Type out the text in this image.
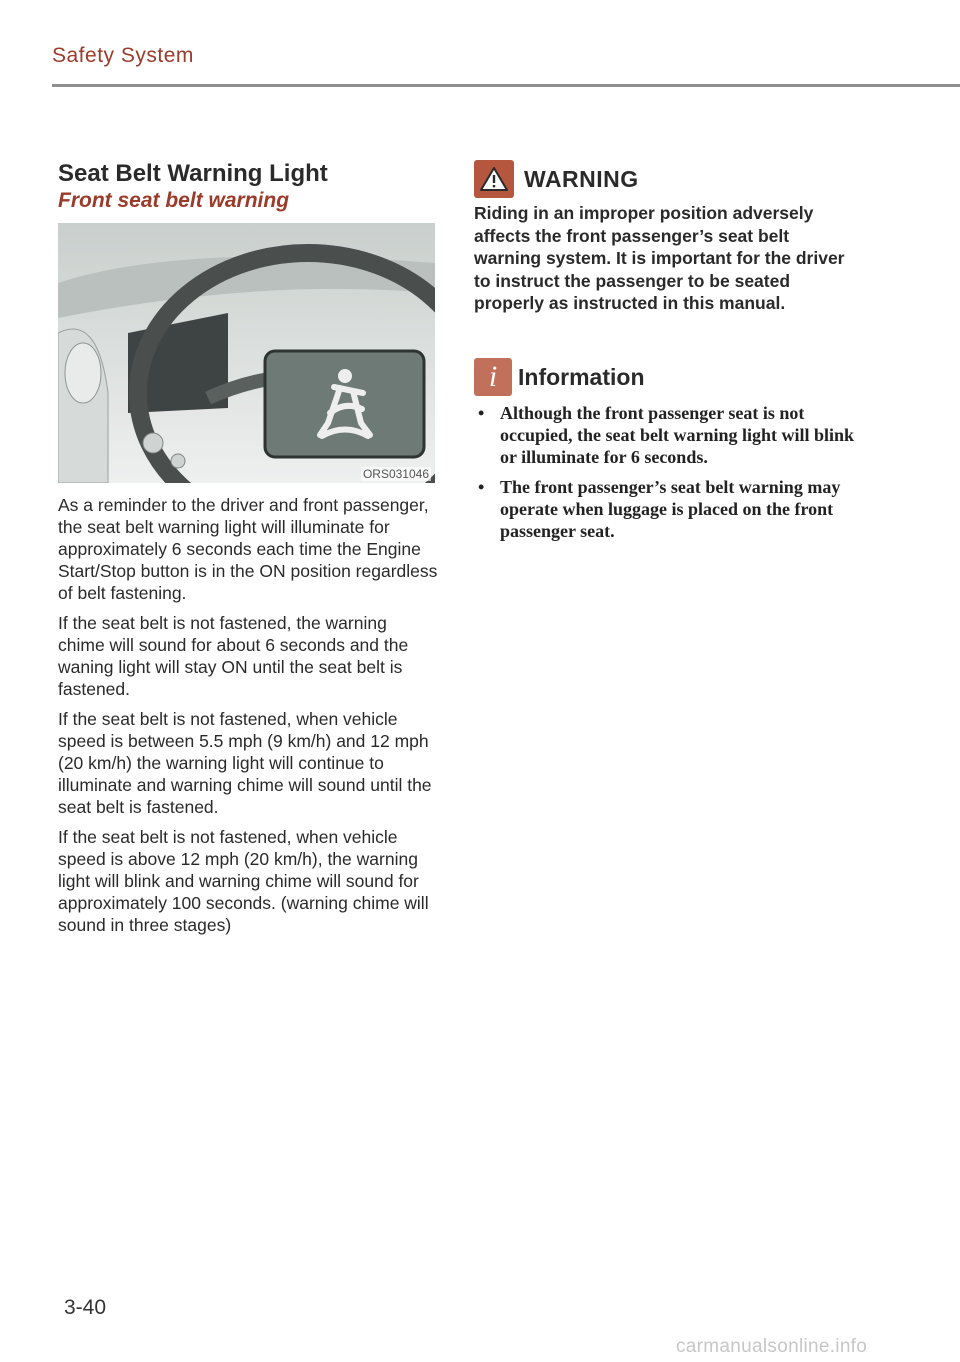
Safety System
Seat Belt Warning Light
Front seat belt warning
ORS031046

As a reminder to the driver and front passenger, the seat belt warning light will illuminate for approximately 6 seconds each time the Engine Start/Stop button is in the ON position regardless of belt fastening.

If the seat belt is not fastened, the warning chime will sound for about 6 seconds and the waning light will stay ON until the seat belt is fastened.

If the seat belt is not fastened, when vehicle speed is between 5.5 mph (9 km/h) and 12 mph (20 km/h) the warning light will continue to illuminate and warning chime will sound until the seat belt is fastened.

If the seat belt is not fastened, when vehicle speed is above 12 mph (20 km/h), the warning light will blink and warning chime will sound for approximately 100 seconds. (warning chime will sound in three stages)

WARNING

Riding in an improper position adversely affects the front passenger’s seat belt warning system. It is important for the driver to instruct the passenger to be seated properly as instructed in this manual.

i Information
• Although the front passenger seat is not occupied, the seat belt warning light will blink or illuminate for 6 seconds.
• The front passenger’s seat belt warning may operate when luggage is placed on the front passenger seat.
3-40
carmanualsonline.info
